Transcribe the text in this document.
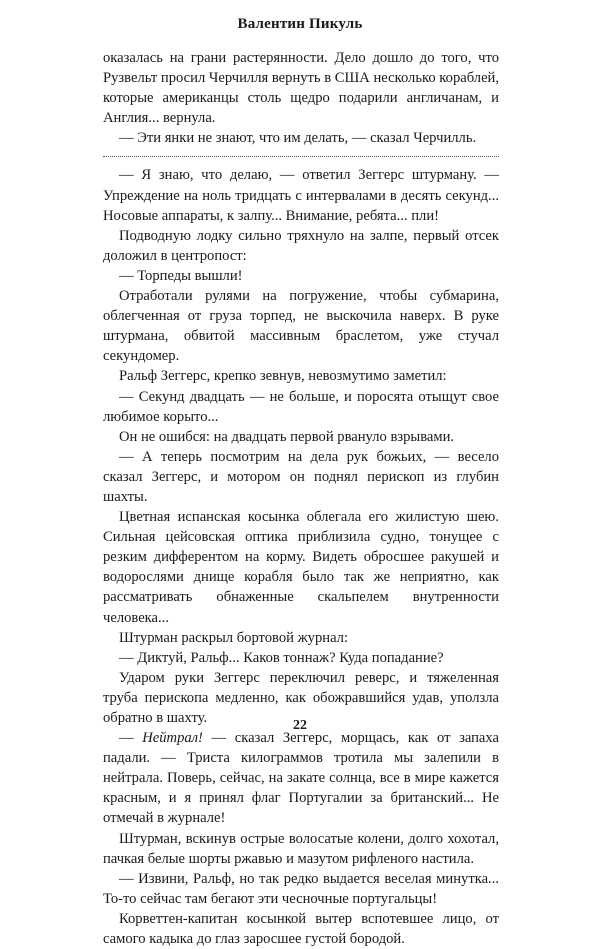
Валентин Пикуль

оказалась на грани растерянности. Дело дошло до того, что Рузвельт просил Черчилля вернуть в США несколько кораблей, которые американцы столь щедро подарили англичанам, и Англия... вернула.

— Эти янки не знают, что им делать, — сказал Черчилль.

— Я знаю, что делаю, — ответил Зеггерс штурману. — Упреждение на ноль тридцать с интервалами в десять секунд... Носовые аппараты, к залпу... Внимание, ребята... пли!

Подводную лодку сильно тряхнуло на залпе, первый отсек доложил в центропост:

— Торпеды вышли!

Отработали рулями на погружение, чтобы субмарина, облегченная от груза торпед, не выскочила наверх. В руке штурмана, обвитой массивным браслетом, уже стучал секундомер.

Ральф Зеггерс, крепко зевнув, невозмутимо заметил:

— Секунд двадцать — не больше, и поросята отыщут свое любимое корыто...

Он не ошибся: на двадцать первой рвануло взрывами.

— А теперь посмотрим на дела рук божьих, — весело сказал Зеггерс, и мотором он поднял перископ из глубин шахты.

Цветная испанская косынка облегала его жилистую шею. Сильная цейсовская оптика приблизила судно, тонущее с резким дифферентом на корму. Видеть обросшее ракушей и водорослями днище корабля было так же неприятно, как рассматривать обнаженные скальпелем внутренности человека...

Штурман раскрыл бортовой журнал:

— Диктуй, Ральф... Каков тоннаж? Куда попадание?

Ударом руки Зеггерс переключил реверс, и тяжеленная труба перископа медленно, как обожравшийся удав, уползла обратно в шахту.

— Нейтрал! — сказал Зеггерс, морщась, как от запаха падали. — Триста килограммов тротила мы залепили в нейтрала. Поверь, сейчас, на закате солнца, все в мире кажется красным, и я принял флаг Португалии за британский... Не отмечай в журнале!

Штурман, вскинув острые волосатые колени, долго хохотал, пачкая белые шорты ржавью и мазутом рифленого настила.

— Извини, Ральф, но так редко выдается веселая минутка... То-то сейчас там бегают эти чесночные португальцы!

Корветтен-капитан косынкой вытер вспотевшее лицо, от самого кадыка до глаз заросшее густой бородой.

22
